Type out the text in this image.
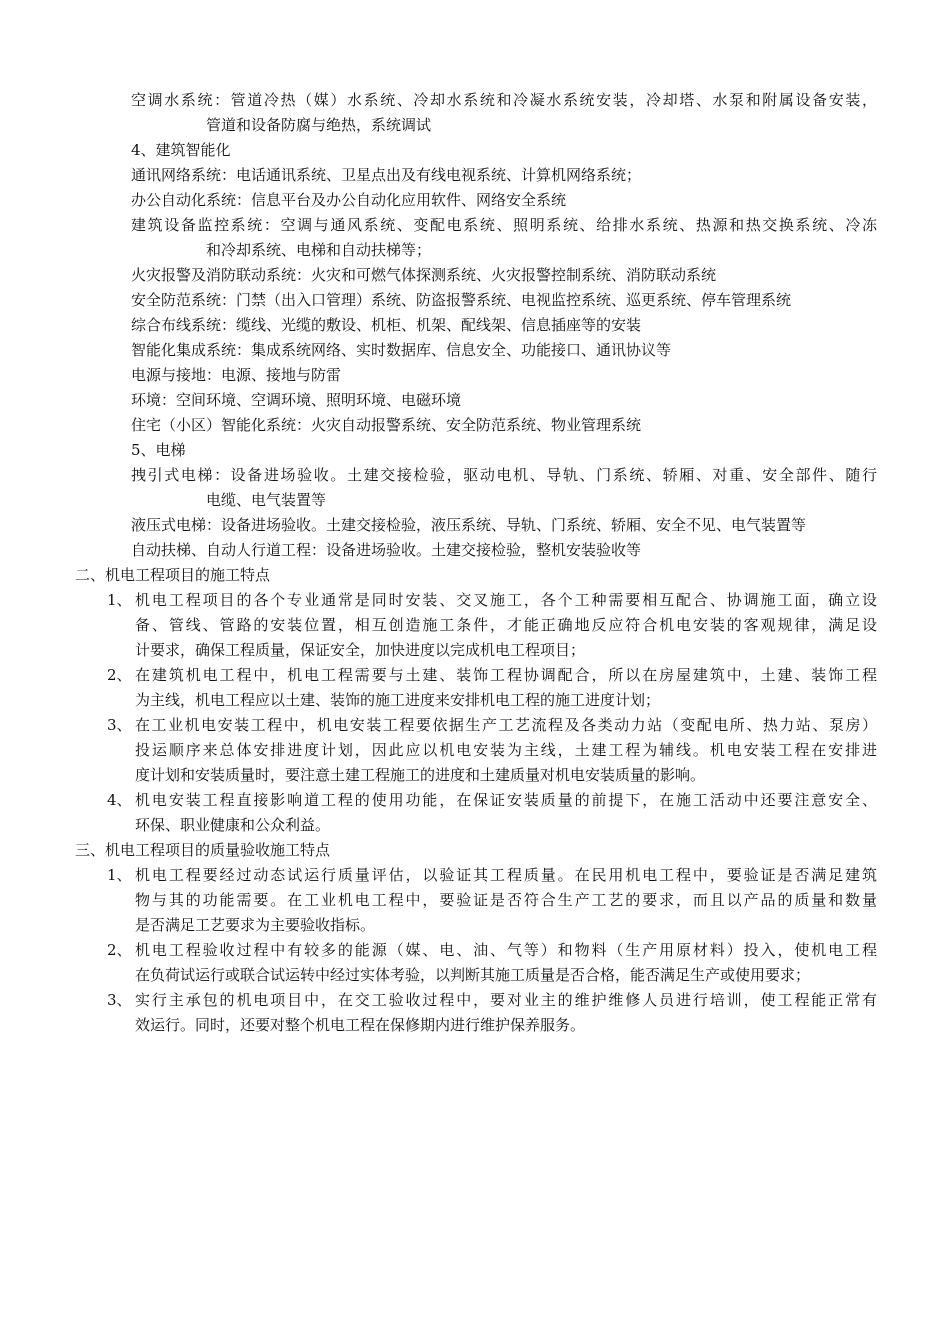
空调水系统：管道冷热（媒）水系统、冷却水系统和冷凝水系统安装，冷却塔、水泵和附属设备安装，
管道和设备防腐与绝热，系统调试
4、建筑智能化
通讯网络系统：电话通讯系统、卫星点出及有线电视系统、计算机网络系统；
办公自动化系统：信息平台及办公自动化应用软件、网络安全系统
建筑设备监控系统：空调与通风系统、变配电系统、照明系统、给排水系统、热源和热交换系统、冷冻
和冷却系统、电梯和自动扶梯等；
火灾报警及消防联动系统：火灾和可燃气体探测系统、火灾报警控制系统、消防联动系统
安全防范系统：门禁（出入口管理）系统、防盗报警系统、电视监控系统、巡更系统、停车管理系统
综合布线系统：缆线、光缆的敷设、机柜、机架、配线架、信息插座等的安装
智能化集成系统：集成系统网络、实时数据库、信息安全、功能接口、通讯协议等
电源与接地：电源、接地与防雷
环境：空间环境、空调环境、照明环境、电磁环境
住宅（小区）智能化系统：火灾自动报警系统、安全防范系统、物业管理系统
5、电梯
拽引式电梯：设备进场验收。土建交接检验，驱动电机、导轨、门系统、轿厢、对重、安全部件、随行
电缆、电气装置等
液压式电梯：设备进场验收。土建交接检验，液压系统、导轨、门系统、轿厢、安全不见、电气装置等
自动扶梯、自动人行道工程：设备进场验收。土建交接检验，整机安装验收等
二、机电工程项目的施工特点
1、 机电工程项目的各个专业通常是同时安装、交叉施工，各个工种需要相互配合、协调施工面，确立设
备、管线、管路的安装位置，相互创造施工条件，才能正确地反应符合机电安装的客观规律，满足设
计要求，确保工程质量，保证安全，加快进度以完成机电工程项目；
2、 在建筑机电工程中，机电工程需要与土建、装饰工程协调配合，所以在房屋建筑中，土建、装饰工程
为主线，机电工程应以土建、装饰的施工进度来安排机电工程的施工进度计划；
3、 在工业机电安装工程中，机电安装工程要依据生产工艺流程及各类动力站（变配电所、热力站、泵房）
投运顺序来总体安排进度计划，因此应以机电安装为主线，土建工程为辅线。机电安装工程在安排进
度计划和安装质量时，要注意土建工程施工的进度和土建质量对机电安装质量的影响。
4、 机电安装工程直接影响道工程的使用功能，在保证安装质量的前提下，在施工活动中还要注意安全、
环保、职业健康和公众利益。
三、机电工程项目的质量验收施工特点
1、 机电工程要经过动态试运行质量评估，以验证其工程质量。在民用机电工程中，要验证是否满足建筑
物与其的功能需要。在工业机电工程中，要验证是否符合生产工艺的要求，而且以产品的质量和数量
是否满足工艺要求为主要验收指标。
2、 机电工程验收过程中有较多的能源（媒、电、油、气等）和物料（生产用原材料）投入，使机电工程
在负荷试运行或联合试运转中经过实体考验，以判断其施工质量是否合格，能否满足生产或使用要求；
3、 实行主承包的机电项目中，在交工验收过程中，要对业主的维护维修人员进行培训，使工程能正常有
效运行。同时，还要对整个机电工程在保修期内进行维护保养服务。
